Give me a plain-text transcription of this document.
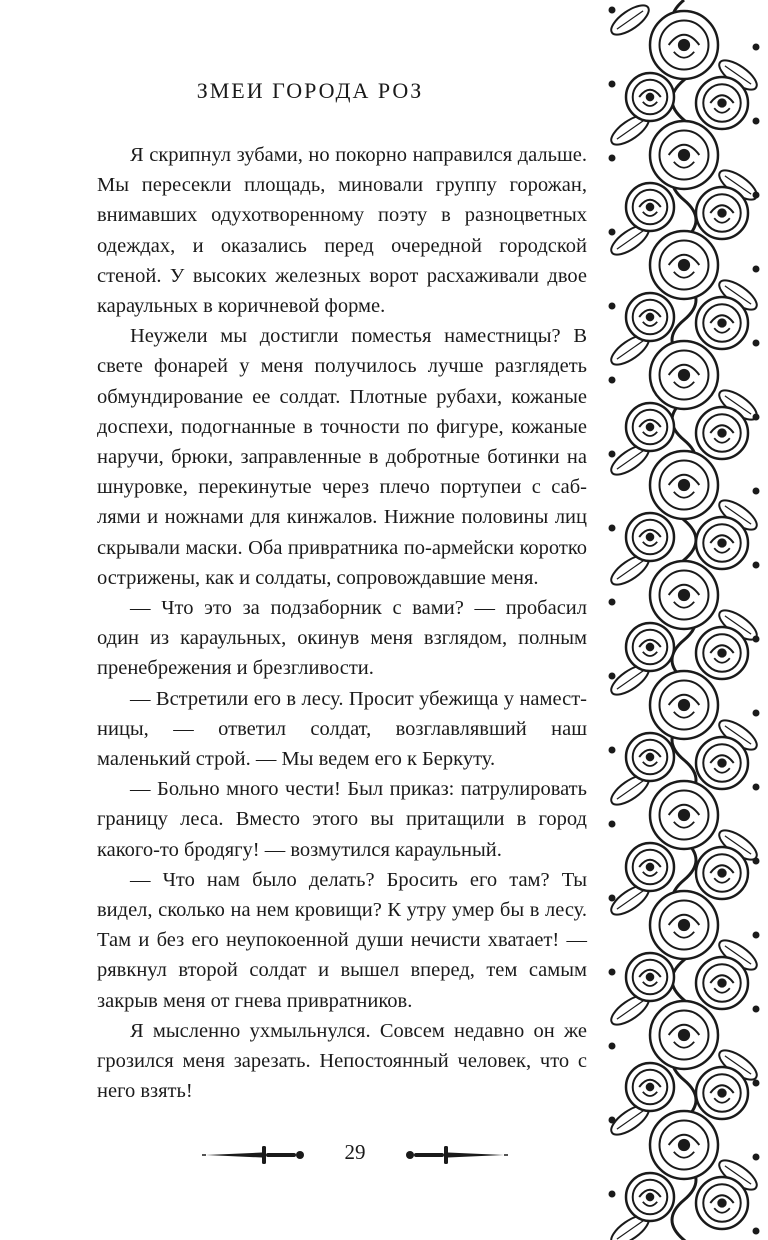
ЗМЕИ ГОРОДА РОЗ

Я скрипнул зубами, но покорно направился дальше. Мы пересекли площадь, миновали группу горожан, внимавших одухотворенному поэту в разноцветных одеждах, и оказались перед очередной городской стеной. У высоких железных ворот расхаживали двое караульных в коричневой форме.

Неужели мы достигли поместья наместницы? В свете фонарей у меня получилось лучше разглядеть обмундирование ее солдат. Плотные рубахи, кожаные доспехи, подогнанные в точности по фигуре, кожаные наручи, брюки, заправленные в добротные ботинки на шнуровке, перекинутые через плечо портупеи с саблями и ножнами для кинжалов. Нижние половины лиц скрывали маски. Оба привратника по-армейски коротко острижены, как и солдаты, сопровождавшие меня.

— Что это за подзаборник с вами? — пробасил один из караульных, окинув меня взглядом, полным пренебрежения и брезгливости.

— Встретили его в лесу. Просит убежища у наместницы, — ответил солдат, возглавлявший наш маленький строй. — Мы ведем его к Беркуту.

— Больно много чести! Был приказ: патрулировать границу леса. Вместо этого вы притащили в город какого-то бродягу! — возмутился караульный.

— Что нам было делать? Бросить его там? Ты видел, сколько на нем кровищи? К утру умер бы в лесу. Там и без его неупокоенной души нечисти хватает! — рявкнул второй солдат и вышел вперед, тем самым закрыв меня от гнева привратников.

Я мысленно ухмыльнулся. Совсем недавно он же грозился меня зарезать. Непостоянный человек, что с него взять!

29
